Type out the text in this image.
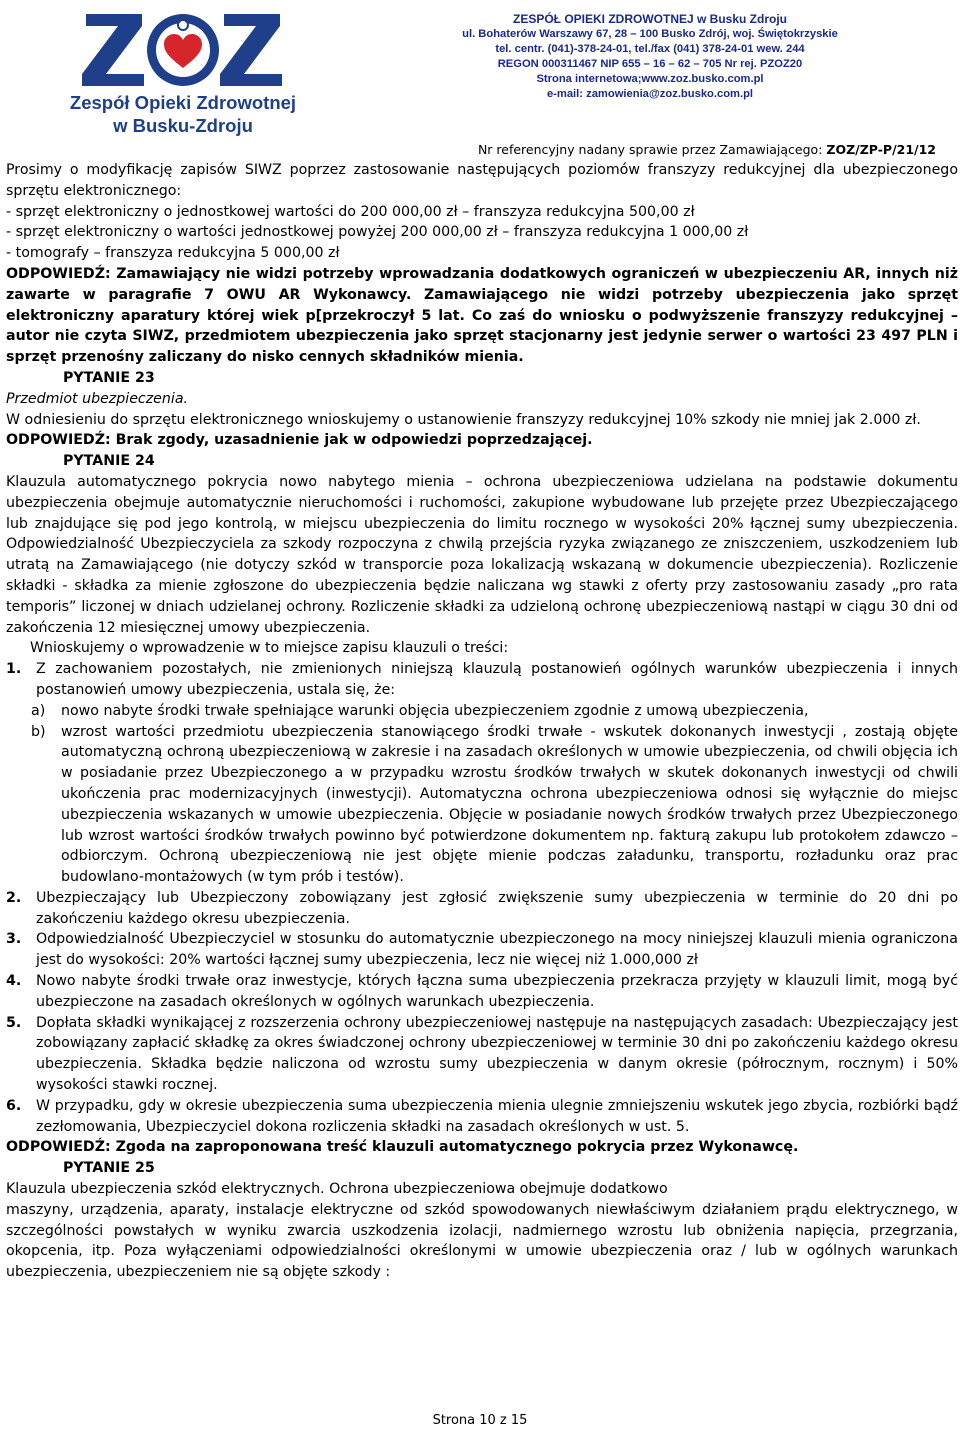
Zespół Opieki Zdrowotnej
w Busku-Zdroju
ZESPÓŁ OPIEKI ZDROWOTNEJ w Busku Zdroju
ul. Bohaterów Warszawy 67, 28 – 100 Busko Zdrój, woj. Świętokrzyskie
tel. centr. (041)-378-24-01, tel./fax (041) 378-24-01 wew. 244
REGON 000311467 NIP 655 – 16 – 62 – 705 Nr rej. PZOZ20
Strona internetowa;www.zoz.busko.com.pl
e-mail: zamowienia@zoz.busko.com.pl
Nr referencyjny nadany sprawie przez Zamawiającego: ZOZ/ZP-P/21/12

Prosimy o modyfikację zapisów SIWZ poprzez zastosowanie następujących poziomów franszyzy redukcyjnej dla ubezpieczonego sprzętu elektronicznego:

- sprzęt elektroniczny o jednostkowej wartości do 200 000,00 zł – franszyza redukcyjna 500,00 zł

- sprzęt elektroniczny o wartości jednostkowej powyżej 200 000,00 zł – franszyza redukcyjna 1 000,00 zł

- tomografy – franszyza redukcyjna 5 000,00 zł

ODPOWIEDŹ: Zamawiający nie widzi potrzeby wprowadzania dodatkowych ograniczeń w ubezpieczeniu AR, innych niż zawarte w paragrafie 7 OWU AR Wykonawcy. Zamawiającego nie widzi potrzeby ubezpieczenia jako sprzęt elektroniczny aparatury której wiek p[przekroczył 5 lat. Co zaś do wniosku o podwyższenie franszyzy redukcyjnej – autor nie czyta SIWZ, przedmiotem ubezpieczenia jako sprzęt stacjonarny jest jedynie serwer o wartości 23 497 PLN i sprzęt przenośny zaliczany do nisko cennych składników mienia.

PYTANIE 23

Przedmiot ubezpieczenia.

W odniesieniu do sprzętu elektronicznego wnioskujemy o ustanowienie franszyzy redukcyjnej 10% szkody nie mniej jak 2.000 zł.

ODPOWIEDŹ: Brak zgody, uzasadnienie jak w odpowiedzi poprzedzającej.

PYTANIE 24

Klauzula automatycznego pokrycia nowo nabytego mienia – ochrona ubezpieczeniowa udzielana na podstawie dokumentu ubezpieczenia obejmuje automatycznie nieruchomości i ruchomości, zakupione wybudowane lub przejęte przez Ubezpieczającego lub znajdujące się pod jego kontrolą, w miejscu ubezpieczenia do limitu rocznego w wysokości 20% łącznej sumy ubezpieczenia. Odpowiedzialność Ubezpieczyciela za szkody rozpoczyna z chwilą przejścia ryzyka związanego ze zniszczeniem, uszkodzeniem lub utratą na Zamawiającego (nie dotyczy szkód w transporcie poza lokalizacją wskazaną w dokumencie ubezpieczenia). Rozliczenie składki - składka za mienie zgłoszone do ubezpieczenia będzie naliczana wg stawki z oferty przy zastosowaniu zasady „pro rata temporis” liczonej w dniach udzielanej ochrony. Rozliczenie składki za udzieloną ochronę ubezpieczeniową nastąpi w ciągu 30 dni od zakończenia 12 miesięcznej umowy ubezpieczenia.

Wnioskujemy o wprowadzenie w to miejsce zapisu klauzuli o treści:

1. Z zachowaniem pozostałych, nie zmienionych niniejszą klauzulą postanowień ogólnych warunków ubezpieczenia i innych postanowień umowy ubezpieczenia, ustala się, że:
a) nowo nabyte środki trwałe spełniające warunki objęcia ubezpieczeniem zgodnie z umową ubezpieczenia,
b) wzrost wartości przedmiotu ubezpieczenia stanowiącego środki trwałe - wskutek dokonanych inwestycji , zostają objęte automatyczną ochroną ubezpieczeniową w zakresie i na zasadach określonych w umowie ubezpieczenia, od chwili objęcia ich w posiadanie przez Ubezpieczonego a w przypadku wzrostu środków trwałych w skutek dokonanych inwestycji od chwili ukończenia prac modernizacyjnych (inwestycji). Automatyczna ochrona ubezpieczeniowa odnosi się wyłącznie do miejsc ubezpieczenia wskazanych w umowie ubezpieczenia. Objęcie w posiadanie nowych środków trwałych przez Ubezpieczonego lub wzrost wartości środków trwałych powinno być potwierdzone dokumentem np. fakturą zakupu lub protokołem zdawczo – odbiorczym. Ochroną ubezpieczeniową nie jest objęte mienie podczas załadunku, transportu, rozładunku oraz prac budowlano-montażowych (w tym prób i testów).
2. Ubezpieczający lub Ubezpieczony zobowiązany jest zgłosić zwiększenie sumy ubezpieczenia w terminie do 20 dni po zakończeniu każdego okresu ubezpieczenia.
3. Odpowiedzialność Ubezpieczyciel w stosunku do automatycznie ubezpieczonego na mocy niniejszej klauzuli mienia ograniczona jest do wysokości: 20% wartości łącznej sumy ubezpieczenia, lecz nie więcej niż 1.000,000 zł
4. Nowo nabyte środki trwałe oraz inwestycje, których łączna suma ubezpieczenia przekracza przyjęty w klauzuli limit, mogą być ubezpieczone na zasadach określonych w ogólnych warunkach ubezpieczenia.
5. Dopłata składki wynikającej z rozszerzenia ochrony ubezpieczeniowej następuje na następujących zasadach: Ubezpieczający jest zobowiązany zapłacić składkę za okres świadczonej ochrony ubezpieczeniowej w terminie 30 dni po zakończeniu każdego okresu ubezpieczenia. Składka będzie naliczona od wzrostu sumy ubezpieczenia w danym okresie (półrocznym, rocznym) i 50% wysokości stawki rocznej.
6. W przypadku, gdy w okresie ubezpieczenia suma ubezpieczenia mienia ulegnie zmniejszeniu wskutek jego zbycia, rozbiórki bądź zezłomowania, Ubezpieczyciel dokona rozliczenia składki na zasadach określonych w ust. 5.

ODPOWIEDŹ: Zgoda na zaproponowana treść klauzuli automatycznego pokrycia przez Wykonawcę.

PYTANIE 25

Klauzula ubezpieczenia szkód elektrycznych. Ochrona ubezpieczeniowa obejmuje dodatkowo

maszyny, urządzenia, aparaty, instalacje elektryczne od szkód spowodowanych niewłaściwym działaniem prądu elektrycznego, w szczególności powstałych w wyniku zwarcia uszkodzenia izolacji, nadmiernego wzrostu lub obniżenia napięcia, przegrzania, okopcenia, itp. Poza wyłączeniami odpowiedzialności określonymi w umowie ubezpieczenia oraz / lub w ogólnych warunkach ubezpieczenia, ubezpieczeniem nie są objęte szkody :

Strona 10 z 15
